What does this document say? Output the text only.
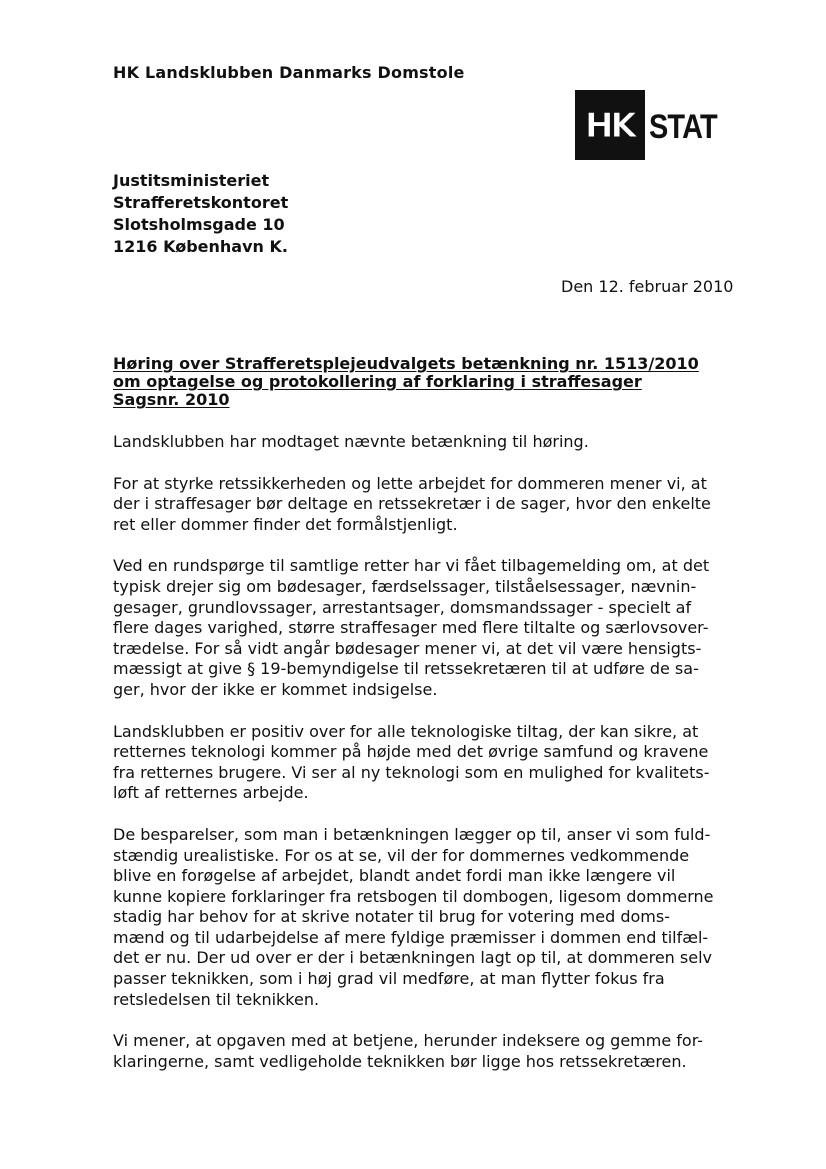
HK Landsklubben Danmarks Domstole
HK STAT
Justitsministeriet
Strafferetskontoret
Slotsholmsgade 10
1216 København K.
Den 12. februar 2010
Høring over Strafferetsplejeudvalgets betænkning nr. 1513/2010
om optagelse og protokollering af forklaring i straffesager
Sagsnr. 2010

Landsklubben har modtaget nævnte betænkning til høring.

For at styrke retssikkerheden og lette arbejdet for dommeren mener vi, at
der i straffesager bør deltage en retssekretær i de sager, hvor den enkelte
ret eller dommer finder det formålstjenligt.

Ved en rundspørge til samtlige retter har vi fået tilbagemelding om, at det
typisk drejer sig om bødesager, færdselssager, tilståelsessager, nævnin-
gesager, grundlovssager, arrestantsager, domsmandssager - specielt af
flere dages varighed, større straffesager med flere tiltalte og særlovsover-
trædelse. For så vidt angår bødesager mener vi, at det vil være hensigts-
mæssigt at give § 19-bemyndigelse til retssekretæren til at udføre de sa-
ger, hvor der ikke er kommet indsigelse.

Landsklubben er positiv over for alle teknologiske tiltag, der kan sikre, at
retternes teknologi kommer på højde med det øvrige samfund og kravene
fra retternes brugere. Vi ser al ny teknologi som en mulighed for kvalitets-
løft af retternes arbejde.

De besparelser, som man i betænkningen lægger op til, anser vi som fuld-
stændig urealistiske. For os at se, vil der for dommernes vedkommende
blive en forøgelse af arbejdet, blandt andet fordi man ikke længere vil
kunne kopiere forklaringer fra retsbogen til dombogen, ligesom dommerne
stadig har behov for at skrive notater til brug for votering med doms-
mænd og til udarbejdelse af mere fyldige præmisser i dommen end tilfæl-
det er nu. Der ud over er der i betænkningen lagt op til, at dommeren selv
passer teknikken, som i høj grad vil medføre, at man flytter fokus fra
retsledelsen til teknikken.

Vi mener, at opgaven med at betjene, herunder indeksere og gemme for-
klaringerne, samt vedligeholde teknikken bør ligge hos retssekretæren.
